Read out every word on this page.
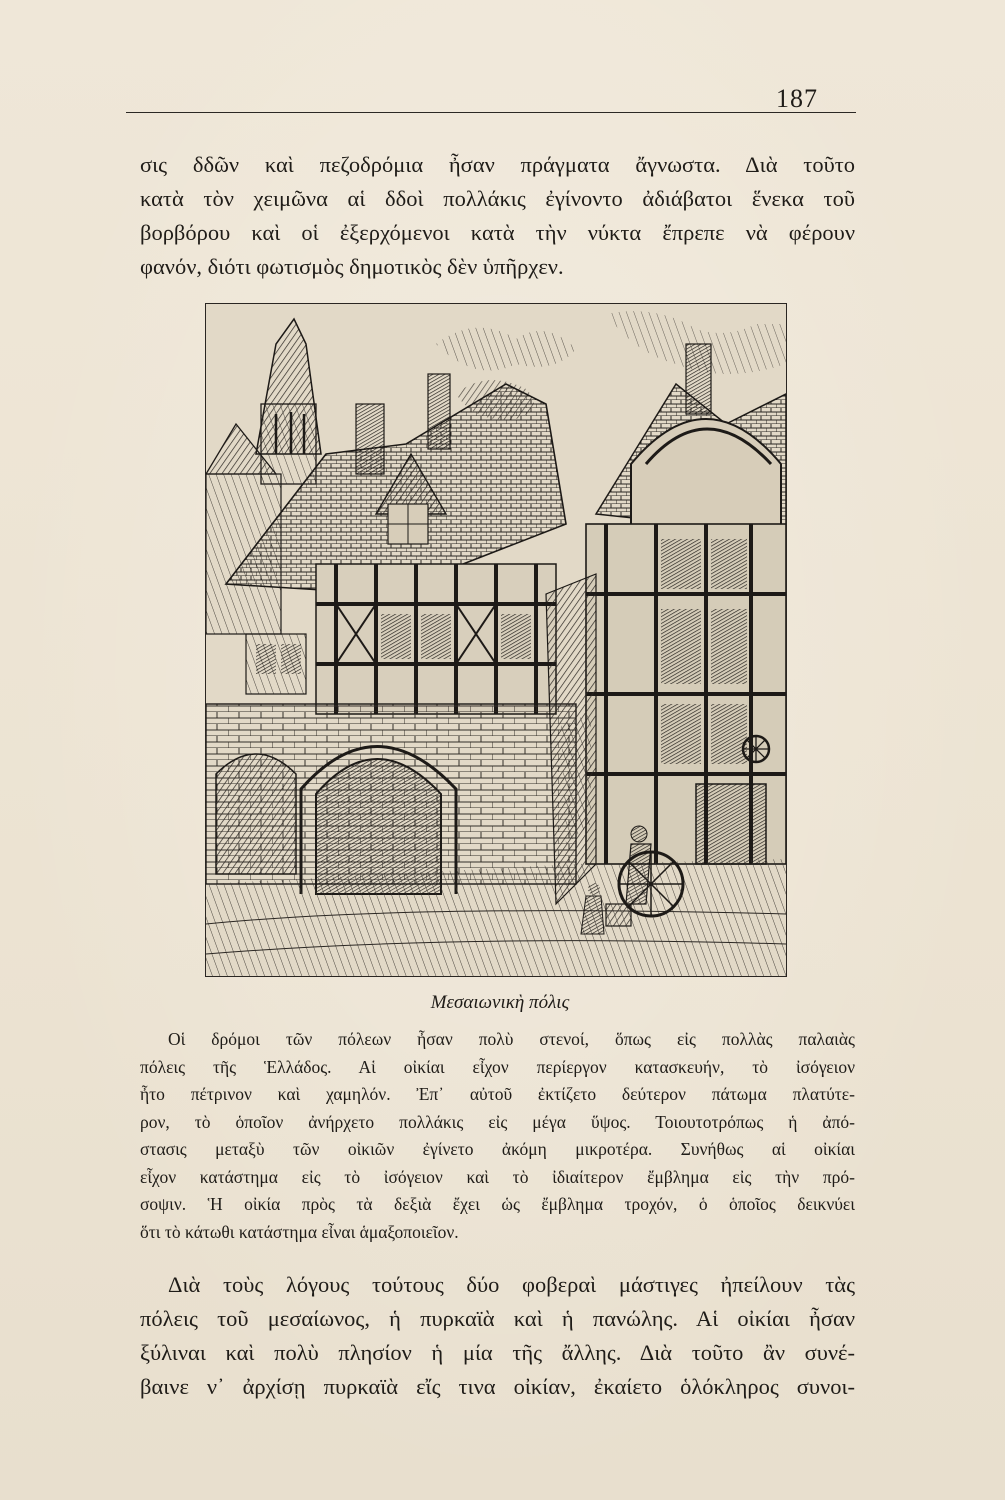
187
σις δδῶν καὶ πεζοδρόμια ἦσαν πράγματα ἄγνωστα. Διὰ τοῦτο
κατὰ τὸν χειμῶνα αἱ δδοὶ πολλάκις ἐγίνοντο ἀδιάβατοι ἕνεκα τοῦ
βορβόρου καὶ οἱ ἐξερχόμενοι κατὰ τὴν νύκτα ἔπρεπε νὰ φέρουν
φανόν, διότι φωτισμὸς δημοτικὸς δὲν ὑπῆρχεν.
Μεσαιωνικὴ πόλις
Οἱ δρόμοι τῶν πόλεων ἦσαν πολὺ στενοί, ὅπως εἰς πολλὰς παλαιὰς
πόλεις τῆς Ἑλλάδος. Αἱ οἰκίαι εἶχον περίεργον κατασκευήν, τὸ ἰσόγειον
ἦτο πέτρινον καὶ χαμηλόν. Ἐπ᾽ αὐτοῦ ἐκτίζετο δεύτερον πάτωμα πλατύτε-
ρον, τὸ ὁποῖον ἀνήρχετο πολλάκις εἰς μέγα ὕψος. Τοιουτοτρόπως ἡ ἀπό-
στασις μεταξὺ τῶν οἰκιῶν ἐγίνετο ἀκόμη μικροτέρα. Συνήθως αἱ οἰκίαι
εἶχον κατάστημα εἰς τὸ ἰσόγειον καὶ τὸ ἰδιαίτερον ἔμβλημα εἰς τὴν πρό-
σοψιν. Ἡ οἰκία πρὸς τὰ δεξιὰ ἔχει ὡς ἔμβλημα τροχόν, ὁ ὁποῖος δεικνύει
ὅτι τὸ κάτωθι κατάστημα εἶναι ἁμαξοποιεῖον.
Διὰ τοὺς λόγους τούτους δύο φοβεραὶ μάστιγες ἠπείλουν τὰς
πόλεις τοῦ μεσαίωνος, ἡ πυρκαϊὰ καὶ ἡ πανώλης. Αἱ οἰκίαι ἦσαν
ξύλιναι καὶ πολὺ πλησίον ἡ μία τῆς ἄλλης. Διὰ τοῦτο ἂν συνέ-
βαινε ν᾽ ἀρχίσῃ πυρκαϊὰ εἴς τινα οἰκίαν, ἐκαίετο ὁλόκληρος συνοι-
